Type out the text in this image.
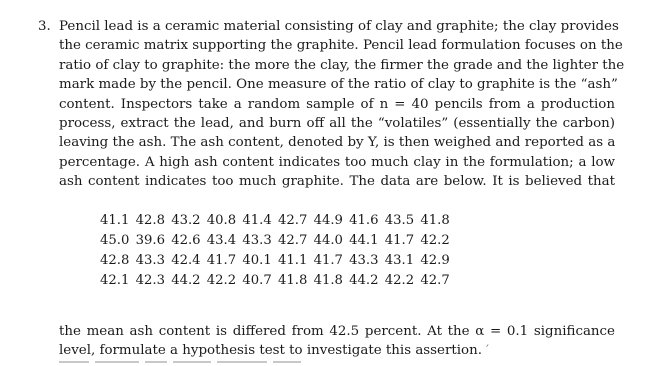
3. Pencil lead is a ceramic material consisting of clay and graphite; the clay provides
the ceramic matrix supporting the graphite. Pencil lead formulation focuses on the
ratio of clay to graphite: the more the clay, the firmer the grade and the lighter the
mark made by the pencil. One measure of the ratio of clay to graphite is the “ash”
content. Inspectors take a random sample of n = 40 pencils from a production
process, extract the lead, and burn off all the “volatiles” (essentially the carbon)
leaving the ash. The ash content, denoted by Y, is then weighed and reported as a
percentage. A high ash content indicates too much clay in the formulation; a low
ash content indicates too much graphite. The data are below. It is believed that
41.1	42.8	43.2	40.8	41.4	42.7	44.9	41.6	43.5	41.8
45.0	39.6	42.6	43.4	43.3	42.7	44.0	44.1	41.7	42.2
42.8	43.3	42.4	41.7	40.1	41.1	41.7	43.3	43.1	42.9
42.1	42.3	44.2	42.2	40.7	41.8	41.8	44.2	42.2	42.7
the mean ash content is differed from 42.5 percent. At the α = 0.1 significance
level, formulate a hypothesis test to investigate this assertion. ′
